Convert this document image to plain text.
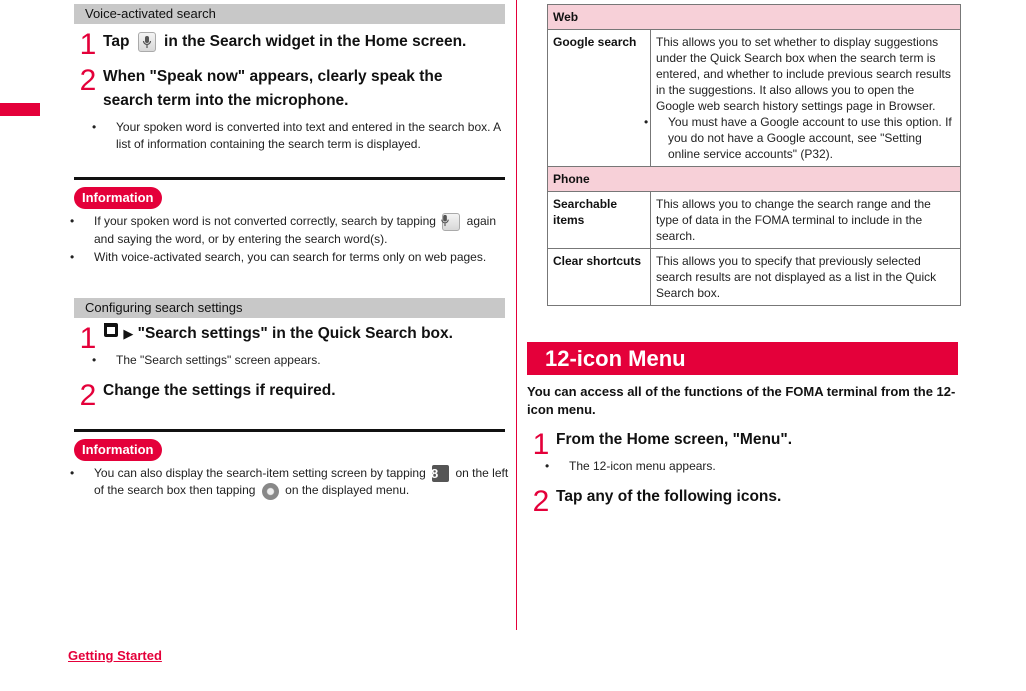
Voice-activated search
1 Tap in the Search widget in the Home screen.
2 When "Speak now" appears, clearly speak the
search term into the microphone.
• Your spoken word is converted into text and entered in the search box. A list of information containing the search term is displayed.
Information
• If your spoken word is not converted correctly, search by tapping	again and saying the word, or by entering the search word(s).
• With voice-activated search, you can search for terms only on web pages.
Configuring search settings
1	▶ "Search settings" in the Quick Search box.
• The "Search settings" screen appears.
2 Change the settings if required.
Information
• You can also display the search-item setting screen by tapping 8 on the left of the search box then tapping on the displayed menu.
Web	
Google search	This allows you to set whether to display suggestions under the Quick Search box when the search term is entered, and whether to include previous search results in the suggestions. It also allows you to open the Google web search history settings page in Browser.
• You must have a Google account to use this option. If you do not have a Google account, see "Setting online service accounts" (P32).

Phone	
Searchable items	This allows you to change the search range and the type of data in the FOMA terminal to include in the search.
Clear shortcuts	This allows you to specify that previously selected search results are not displayed as a list in the Quick Search box.
12-icon Menu
You can access all of the functions of the FOMA terminal from the 12-icon menu.
1 From the Home screen, "Menu".
• The 12-icon menu appears.
2 Tap any of the following icons.
Getting Started
